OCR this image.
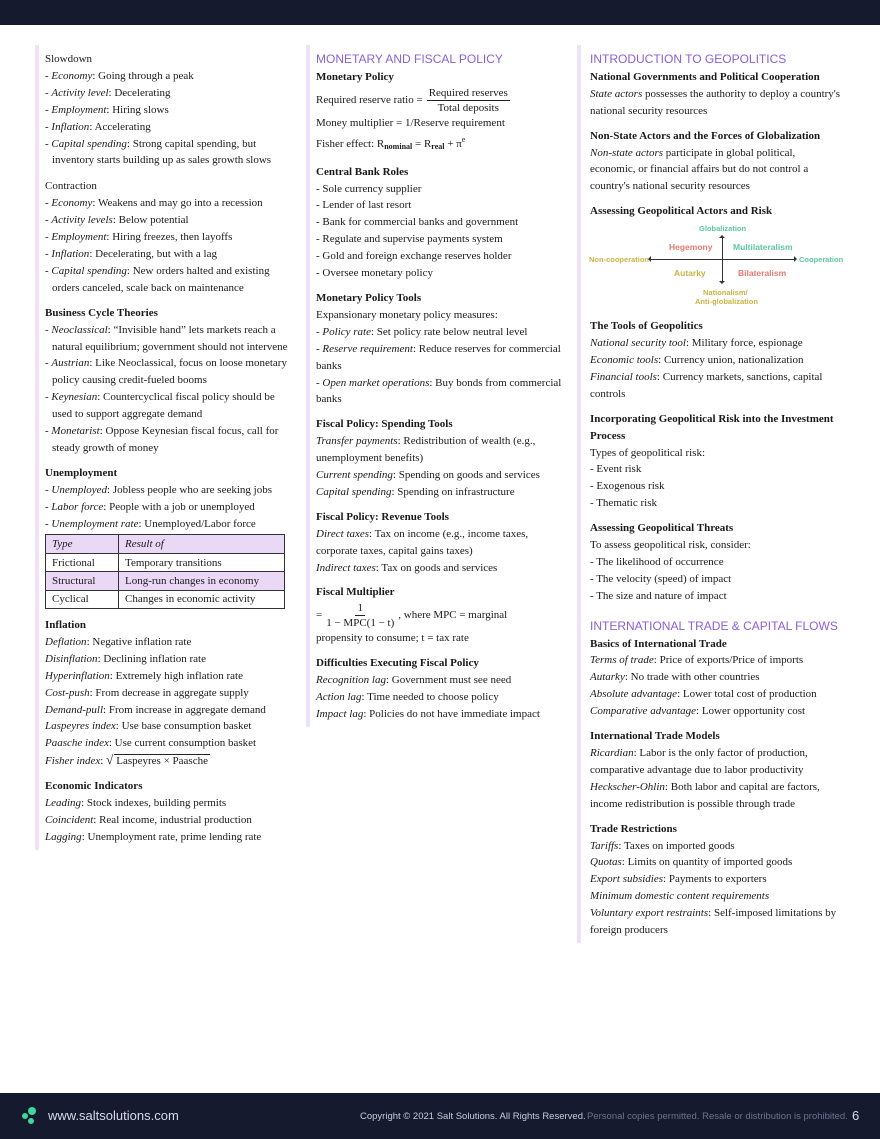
Slowdown
- Economy: Going through a peak
- Activity level: Decelerating
- Employment: Hiring slows
- Inflation: Accelerating
- Capital spending: Strong capital spending, but inventory starts building up as sales growth slows
Contraction
- Economy: Weakens and may go into a recession
- Activity levels: Below potential
- Employment: Hiring freezes, then layoffs
- Inflation: Decelerating, but with a lag
- Capital spending: New orders halted and existing orders canceled, scale back on maintenance
Business Cycle Theories
- Neoclassical: “Invisible hand” lets markets reach a natural equilibrium; government should not intervene
- Austrian: Like Neoclassical, focus on loose monetary policy causing credit-fueled booms
- Keynesian: Countercyclical fiscal policy should be used to support aggregate demand
- Monetarist: Oppose Keynesian fiscal focus, call for steady growth of money
Unemployment
- Unemployed: Jobless people who are seeking jobs
- Labor force: People with a job or unemployed
- Unemployment rate: Unemployed/Labor force
Type	Result of
Frictional	Temporary transitions
Structural	Long-run changes in economy
Cyclical	Changes in economic activity
Inflation
Deflation: Negative inflation rate
Disinflation: Declining inflation rate
Hyperinflation: Extremely high inflation rate
Cost-push: From decrease in aggregate supply
Demand-pull: From increase in aggregate demand
Laspeyres index: Use base consumption basket
Paasche index: Use current consumption basket
Fisher index: √ Laspeyres × Paasche
Economic Indicators
Leading: Stock indexes, building permits
Coincident: Real income, industrial production
Lagging: Unemployment rate, prime lending rate
MONETARY AND FISCAL POLICY
Monetary Policy
Required reserve ratio =
Required reserves
Total deposits
Money multiplier = 1/Reserve requirement
Fisher effect: $R_{nominal} = R_{real} + \pi^e$
Central Bank Roles
- Sole currency supplier
- Lender of last resort
- Bank for commercial banks and government
- Regulate and supervise payments system
- Gold and foreign exchange reserves holder
- Oversee monetary policy
Monetary Policy Tools
Expansionary monetary policy measures:
- Policy rate: Set policy rate below neutral level
- Reserve requirement: Reduce reserves for commercial banks
- Open market operations: Buy bonds from commercial banks
Fiscal Policy: Spending Tools
Transfer payments: Redistribution of wealth (e.g., unemployment benefits)
Current spending: Spending on goods and services
Capital spending: Spending on infrastructure
Fiscal Policy: Revenue Tools
Direct taxes: Tax on income (e.g., income taxes, corporate taxes, capital gains taxes)
Indirect taxes: Tax on goods and services
Fiscal Multiplier
=
1
1 − MPC(1 − t)
, where MPC = marginal
propensity to consume; t = tax rate
Difficulties Executing Fiscal Policy
Recognition lag: Government must see need
Action lag: Time needed to choose policy
Impact lag: Policies do not have immediate impact
INTRODUCTION TO GEOPOLITICS
National Governments and Political Cooperation
State actors possesses the authority to deploy a country's national security resources
Non-State Actors and the Forces of Globalization
Non-state actors participate in global political, economic, or financial affairs but do not control a country's national security resources
Assessing Geopolitical Actors and Risk
Globalization
Non-cooperation	Cooperation
Hegemony Multilateralism
Autarky	Bilateralism
Nationalism/
Anti-globalization
The Tools of Geopolitics
National security tool: Military force, espionage
Economic tools: Currency union, nationalization
Financial tools: Currency markets, sanctions, capital controls
Incorporating Geopolitical Risk into the Investment Process
Types of geopolitical risk:
- Event risk
- Exogenous risk
- Thematic risk
Assessing Geopolitical Threats
To assess geopolitical risk, consider:
- The likelihood of occurrence
- The velocity (speed) of impact
- The size and nature of impact
INTERNATIONAL TRADE & CAPITAL FLOWS
Basics of International Trade
Terms of trade: Price of exports/Price of imports
Autarky: No trade with other countries
Absolute advantage: Lower total cost of production
Comparative advantage: Lower opportunity cost
International Trade Models
Ricardian: Labor is the only factor of production, comparative advantage due to labor productivity
Heckscher-Ohlin: Both labor and capital are factors, income redistribution is possible through trade
Trade Restrictions
Tariffs: Taxes on imported goods
Quotas: Limits on quantity of imported goods
Export subsidies: Payments to exporters
Minimum domestic content requirements
Voluntary export restraints: Self-imposed limitations by foreign producers
www.saltsolutions.com	Copyright © 2021 Salt Solutions. All Rights Reserved. Personal copies permitted. Resale or distribution is prohibited. 6
